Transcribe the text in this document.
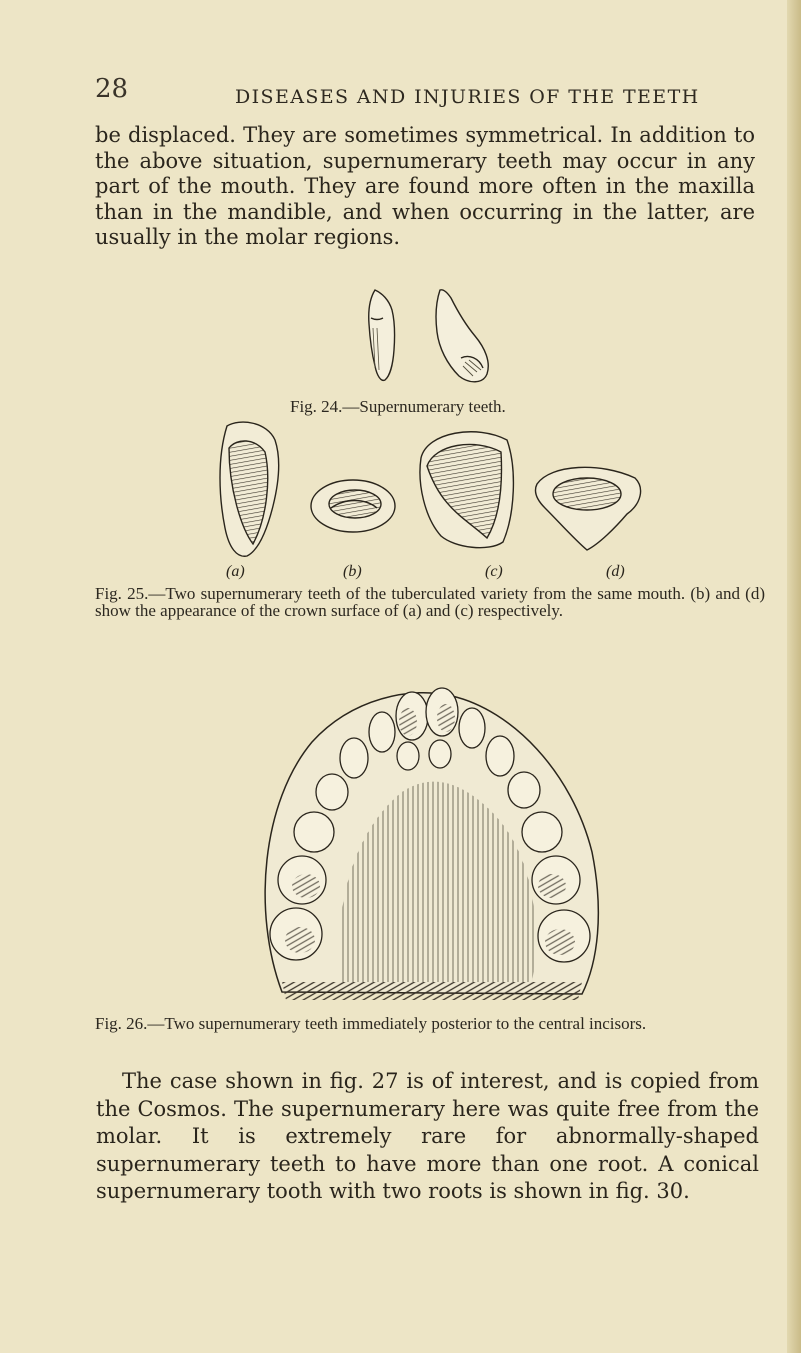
28	DISEASES AND INJURIES OF THE TEETH

be displaced. They are sometimes symmetrical. In addition to the above situation, supernumerary teeth may occur in any part of the mouth. They are found more often in the maxilla than in the mandible, and when occurring in the latter, are usually in the molar regions.

Fig. 24.—Supernumerary teeth.

(a)	(b)	(c)	(d)

Fig. 25.—Two supernumerary teeth of the tuberculated variety from the same mouth. (b) and (d) show the appearance of the crown surface of (a) and (c) respectively.

Fig. 26.—Two supernumerary teeth immediately posterior to the central incisors.

The case shown in fig. 27 is of interest, and is copied from the Cosmos. The supernumerary here was quite free from the molar. It is extremely rare for abnormally-shaped supernumerary teeth to have more than one root. A conical supernumerary tooth with two roots is shown in fig. 30.
